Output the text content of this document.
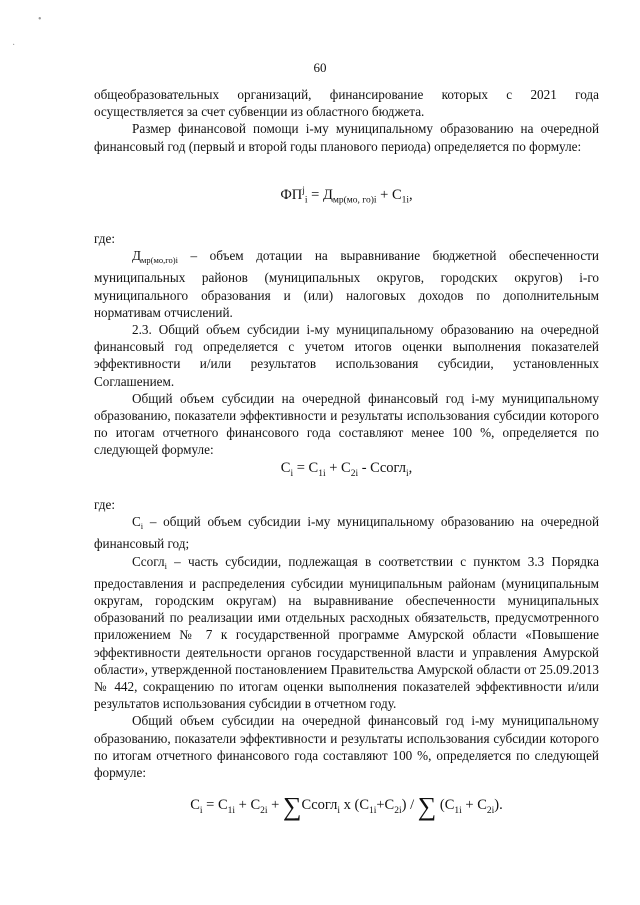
•
·
60

общеобразовательных организаций, финансирование которых с 2021 года осуществляется за счет субвенции из областного бюджета.

Размер финансовой помощи i-му муниципальному образованию на очередной финансовый год (первый и второй годы планового периода) определяется по формуле:

$ФП^j_i = Д_{мр(мо, го)i} + С_{1i}$,

где:

$Д_{мр(мо,го)i}$ – объем дотации на выравнивание бюджетной обеспеченности муниципальных районов (муниципальных округов, городских округов) i-го муниципального образования и (или) налоговых доходов по дополнительным нормативам отчислений.

2.3. Общий объем субсидии i-му муниципальному образованию на очередной финансовый год определяется с учетом итогов оценки выполнения показателей эффективности и/или результатов использования субсидии, установленных Соглашением.

Общий объем субсидии на очередной финансовый год i-му муниципальному образованию, показатели эффективности и результаты использования субсидии которого по итогам отчетного финансового года составляют менее 100 %, определяется по следующей формуле:

$C_i = C_{1i} + C_{2i}$ - Cсогл$_i$,

где:

$C_i$ – общий объем субсидии i-му муниципальному образованию на очередной финансовый год;

Cсогл$_i$ – часть субсидии, подлежащая в соответствии с пунктом 3.3 Порядка предоставления и распределения субсидии муниципальным районам (муниципальным округам, городским округам) на выравнивание обеспеченности муниципальных образований по реализации ими отдельных расходных обязательств, предусмотренного приложением № 7 к государственной программе Амурской области «Повышение эффективности деятельности органов государственной власти и управления Амурской области», утвержденной постановлением Правительства Амурской области от 25.09.2013 № 442, сокращению по итогам оценки выполнения показателей эффективности и/или результатов использования субсидии в отчетном году.

Общий объем субсидии на очередной финансовый год i-му муниципальному образованию, показатели эффективности и результаты использования субсидии которого по итогам отчетного финансового года составляют 100 %, определяется по следующей формуле:

$C_i = C_{1i} + C_{2i}$ + ∑Cсогл$_i$ x $(C_{1i}+C_{2i})$ / ∑ $(C_{1i} + C_{2i})$.
